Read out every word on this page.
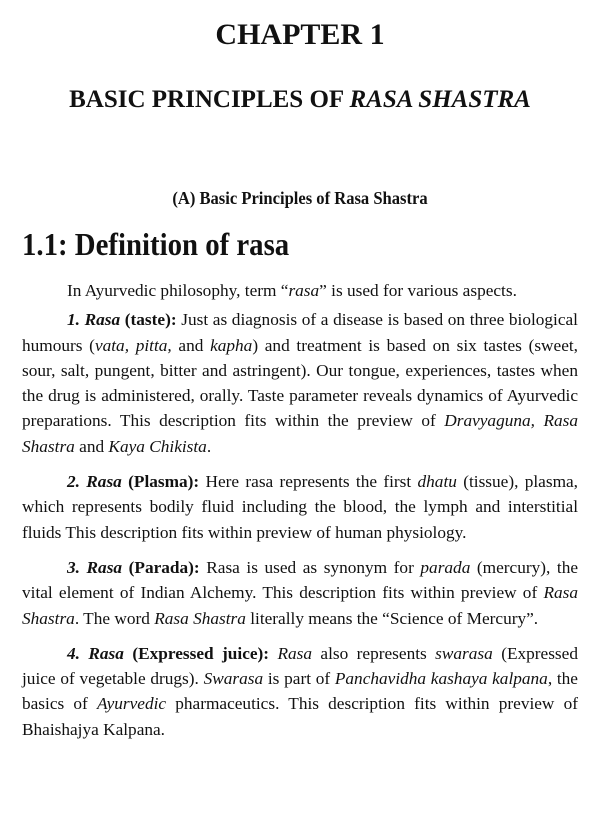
CHAPTER 1
BASIC PRINCIPLES OF RASA SHASTRA
(A) Basic Principles of Rasa Shastra
1.1: Definition of rasa

In Ayurvedic philosophy, term “rasa” is used for various aspects.

1. Rasa (taste): Just as diagnosis of a disease is based on three biological humours (vata, pitta, and kapha) and treatment is based on six tastes (sweet, sour, salt, pungent, bitter and astringent). Our tongue, experiences, tastes when the drug is administered, orally. Taste parameter reveals dynamics of Ayurvedic preparations. This description fits within the preview of Dravyaguna, Rasa Shastra and Kaya Chikista.

2. Rasa (Plasma): Here rasa represents the first dhatu (tissue), plasma, which represents bodily fluid including the blood, the lymph and interstitial fluids This description fits within preview of human physiology.

3. Rasa (Parada): Rasa is used as synonym for parada (mercury), the vital element of Indian Alchemy. This description fits within preview of Rasa Shastra. The word Rasa Shastra literally means the “Science of Mercury”.

4. Rasa (Expressed juice): Rasa also represents swarasa (Expressed juice of vegetable drugs). Swarasa is part of Panchavidha kashaya kalpana, the basics of Ayurvedic pharmaceutics. This description fits within preview of Bhaishajya Kalpana.
